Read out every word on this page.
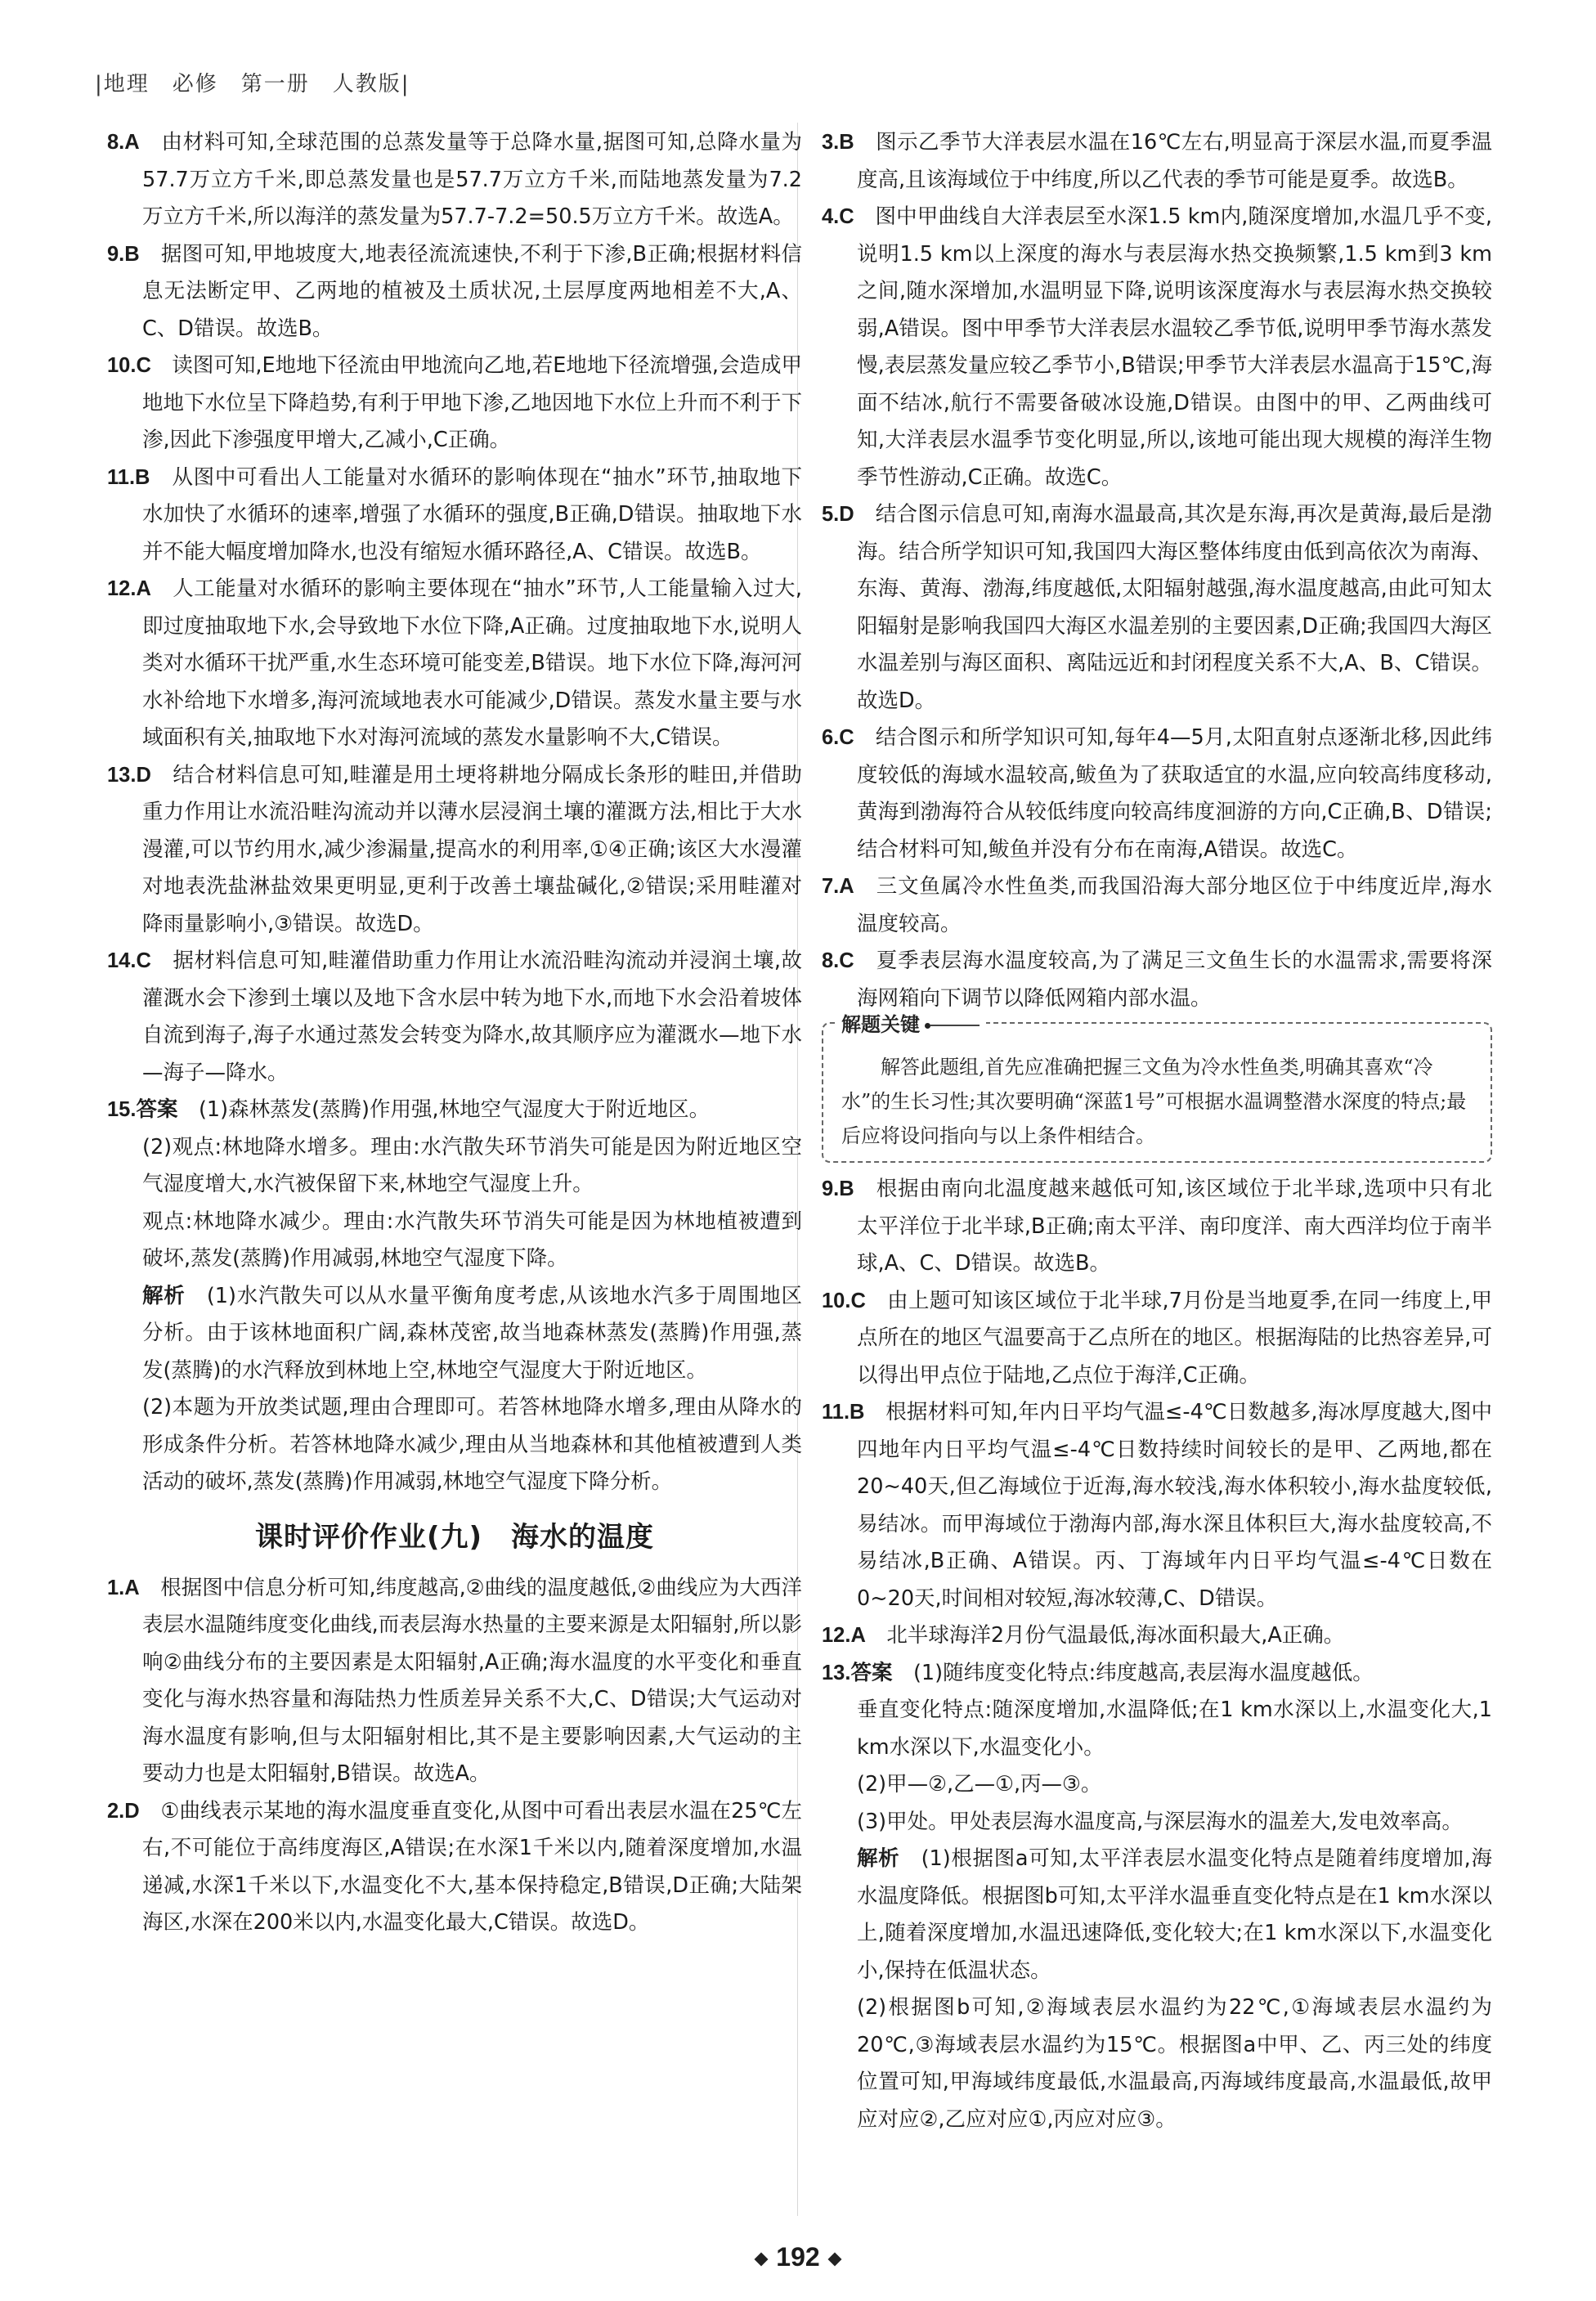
|地理　必修　第一册　人教版|

8.A　 由材料可知,全球范围的总蒸发量等于总降水量,据图可知,总降水量为57.7万立方千米,即总蒸发量也是57.7万立方千米,而陆地蒸发量为7.2万立方千米,所以海洋的蒸发量为57.7-7.2=50.5万立方千米。故选A。

9.B　 据图可知,甲地坡度大,地表径流流速快,不利于下渗,B正确;根据材料信息无法断定甲、乙两地的植被及土质状况,土层厚度两地相差不大,A、C、D错误。故选B。

10.C　 读图可知,E地地下径流由甲地流向乙地,若E地地下径流增强,会造成甲地地下水位呈下降趋势,有利于甲地下渗,乙地因地下水位上升而不利于下渗,因此下渗强度甲增大,乙减小,C正确。

11.B　 从图中可看出人工能量对水循环的影响体现在“抽水”环节,抽取地下水加快了水循环的速率,增强了水循环的强度,B正确,D错误。抽取地下水并不能大幅度增加降水,也没有缩短水循环路径,A、C错误。故选B。

12.A　 人工能量对水循环的影响主要体现在“抽水”环节,人工能量输入过大,即过度抽取地下水,会导致地下水位下降,A正确。过度抽取地下水,说明人类对水循环干扰严重,水生态环境可能变差,B错误。地下水位下降,海河河水补给地下水增多,海河流域地表水可能减少,D错误。蒸发水量主要与水域面积有关,抽取地下水对海河流域的蒸发水量影响不大,C错误。

13.D　 结合材料信息可知,畦灌是用土埂将耕地分隔成长条形的畦田,并借助重力作用让水流沿畦沟流动并以薄水层浸润土壤的灌溉方法,相比于大水漫灌,可以节约用水,减少渗漏量,提高水的利用率,①④正确;该区大水漫灌对地表洗盐淋盐效果更明显,更利于改善土壤盐碱化,②错误;采用畦灌对降雨量影响小,③错误。故选D。

14.C　 据材料信息可知,畦灌借助重力作用让水流沿畦沟流动并浸润土壤,故灌溉水会下渗到土壤以及地下含水层中转为地下水,而地下水会沿着坡体自流到海子,海子水通过蒸发会转变为降水,故其顺序应为灌溉水—地下水—海子—降水。

15.答案　 (1)森林蒸发(蒸腾)作用强,林地空气湿度大于附近地区。

(2)观点:林地降水增多。理由:水汽散失环节消失可能是因为附近地区空气湿度增大,水汽被保留下来,林地空气湿度上升。

观点:林地降水减少。理由:水汽散失环节消失可能是因为林地植被遭到破坏,蒸发(蒸腾)作用减弱,林地空气湿度下降。

解析　 (1)水汽散失可以从水量平衡角度考虑,从该地水汽多于周围地区分析。由于该林地面积广阔,森林茂密,故当地森林蒸发(蒸腾)作用强,蒸发(蒸腾)的水汽释放到林地上空,林地空气湿度大于附近地区。

(2)本题为开放类试题,理由合理即可。若答林地降水增多,理由从降水的形成条件分析。若答林地降水减少,理由从当地森林和其他植被遭到人类活动的破坏,蒸发(蒸腾)作用减弱,林地空气湿度下降分析。

课时评价作业(九)　海水的温度

1.A　 根据图中信息分析可知,纬度越高,②曲线的温度越低,②曲线应为大西洋表层水温随纬度变化曲线,而表层海水热量的主要来源是太阳辐射,所以影响②曲线分布的主要因素是太阳辐射,A正确;海水温度的水平变化和垂直变化与海水热容量和海陆热力性质差异关系不大,C、D错误;大气运动对海水温度有影响,但与太阳辐射相比,其不是主要影响因素,大气运动的主要动力也是太阳辐射,B错误。故选A。

2.D　 ①曲线表示某地的海水温度垂直变化,从图中可看出表层水温在25℃左右,不可能位于高纬度海区,A错误;在水深1千米以内,随着深度增加,水温递减,水深1千米以下,水温变化不大,基本保持稳定,B错误,D正确;大陆架海区,水深在200米以内,水温变化最大,C错误。故选D。

3.B　 图示乙季节大洋表层水温在16℃左右,明显高于深层水温,而夏季温度高,且该海域位于中纬度,所以乙代表的季节可能是夏季。故选B。

4.C　 图中甲曲线自大洋表层至水深1.5 km内,随深度增加,水温几乎不变,说明1.5 km以上深度的海水与表层海水热交换频繁,1.5 km到3 km之间,随水深增加,水温明显下降,说明该深度海水与表层海水热交换较弱,A错误。图中甲季节大洋表层水温较乙季节低,说明甲季节海水蒸发慢,表层蒸发量应较乙季节小,B错误;甲季节大洋表层水温高于15℃,海面不结冰,航行不需要备破冰设施,D错误。由图中的甲、乙两曲线可知,大洋表层水温季节变化明显,所以,该地可能出现大规模的海洋生物季节性游动,C正确。故选C。

5.D　 结合图示信息可知,南海水温最高,其次是东海,再次是黄海,最后是渤海。结合所学知识可知,我国四大海区整体纬度由低到高依次为南海、东海、黄海、渤海,纬度越低,太阳辐射越强,海水温度越高,由此可知太阳辐射是影响我国四大海区水温差别的主要因素,D正确;我国四大海区水温差别与海区面积、离陆远近和封闭程度关系不大,A、B、C错误。故选D。

6.C　 结合图示和所学知识可知,每年4—5月,太阳直射点逐渐北移,因此纬度较低的海域水温较高,鲅鱼为了获取适宜的水温,应向较高纬度移动,黄海到渤海符合从较低纬度向较高纬度洄游的方向,C正确,B、D错误;结合材料可知,鲅鱼并没有分布在南海,A错误。故选C。

7.A　 三文鱼属冷水性鱼类,而我国沿海大部分地区位于中纬度近岸,海水温度较高。

8.C　 夏季表层海水温度较高,为了满足三文鱼生长的水温需求,需要将深海网箱向下调节以降低网箱内部水温。

解题关键
解答此题组,首先应准确把握三文鱼为冷水性鱼类,明确其喜欢“冷水”的生长习性;其次要明确“深蓝1号”可根据水温调整潜水深度的特点;最后应将设问指向与以上条件相结合。

9.B　 根据由南向北温度越来越低可知,该区域位于北半球,选项中只有北太平洋位于北半球,B正确;南太平洋、南印度洋、南大西洋均位于南半球,A、C、D错误。故选B。

10.C　 由上题可知该区域位于北半球,7月份是当地夏季,在同一纬度上,甲点所在的地区气温要高于乙点所在的地区。根据海陆的比热容差异,可以得出甲点位于陆地,乙点位于海洋,C正确。

11.B　 根据材料可知,年内日平均气温≤-4℃日数越多,海冰厚度越大,图中四地年内日平均气温≤-4℃日数持续时间较长的是甲、乙两地,都在20~40天,但乙海域位于近海,海水较浅,海水体积较小,海水盐度较低,易结冰。而甲海域位于渤海内部,海水深且体积巨大,海水盐度较高,不易结冰,B正确、A错误。丙、丁海域年内日平均气温≤-4℃日数在0~20天,时间相对较短,海冰较薄,C、D错误。

12.A　 北半球海洋2月份气温最低,海冰面积最大,A正确。

13.答案　 (1)随纬度变化特点:纬度越高,表层海水温度越低。

垂直变化特点:随深度增加,水温降低;在1 km水深以上,水温变化大,1 km水深以下,水温变化小。

(2)甲—②,乙—①,丙—③。

(3)甲处。甲处表层海水温度高,与深层海水的温差大,发电效率高。

解析　 (1)根据图a可知,太平洋表层水温变化特点是随着纬度增加,海水温度降低。根据图b可知,太平洋水温垂直变化特点是在1 km水深以上,随着深度增加,水温迅速降低,变化较大;在1 km水深以下,水温变化小,保持在低温状态。

(2)根据图b可知,②海域表层水温约为22℃,①海域表层水温约为20℃,③海域表层水温约为15℃。根据图a中甲、乙、丙三处的纬度位置可知,甲海域纬度最低,水温最高,丙海域纬度最高,水温最低,故甲应对应②,乙应对应①,丙应对应③。

192
